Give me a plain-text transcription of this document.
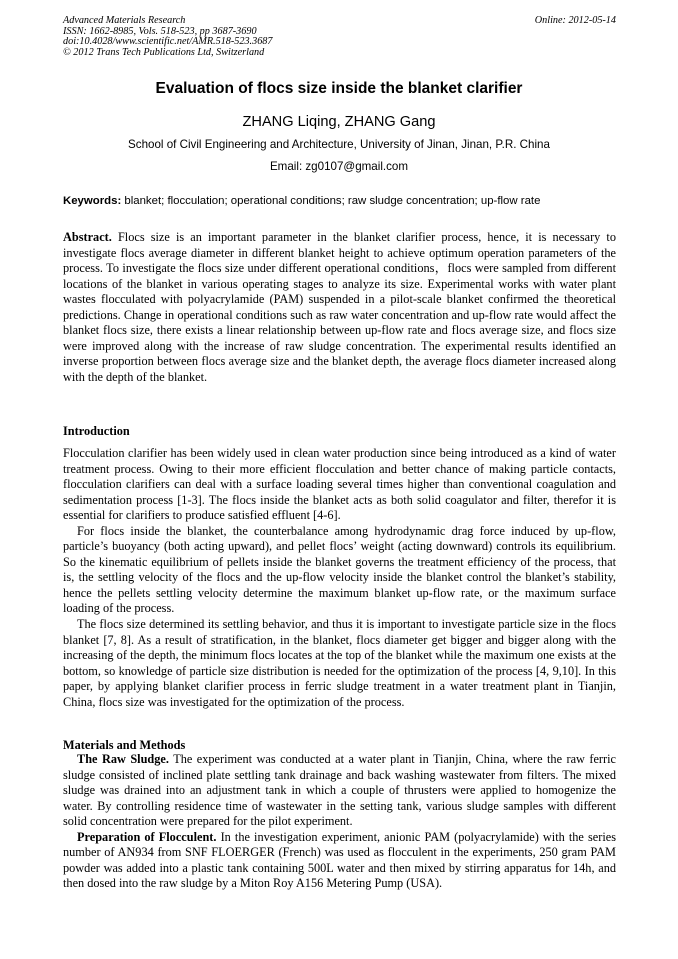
Advanced Materials Research
ISSN: 1662-8985, Vols. 518-523, pp 3687-3690
doi:10.4028/www.scientific.net/AMR.518-523.3687
© 2012 Trans Tech Publications Ltd, Switzerland
Online: 2012-05-14
Evaluation of flocs size inside the blanket clarifier
ZHANG Liqing, ZHANG Gang
School of Civil Engineering and Architecture, University of Jinan, Jinan, P.R. China
Email: zg0107@gmail.com
Keywords: blanket; flocculation; operational conditions; raw sludge concentration; up-flow rate

Abstract. Flocs size is an important parameter in the blanket clarifier process, hence, it is necessary to investigate flocs average diameter in different blanket height to achieve optimum operation parameters of the process. To investigate the flocs size under different operational conditions，flocs were sampled from different locations of the blanket in various operating stages to analyze its size. Experimental works with water plant wastes flocculated with polyacrylamide (PAM) suspended in a pilot-scale blanket confirmed the theoretical predictions. Change in operational conditions such as raw water concentration and up-flow rate would affect the blanket flocs size, there exists a linear relationship between up-flow rate and flocs average size, and flocs size were improved along with the increase of raw sludge concentration. The experimental results identified an inverse proportion between flocs average size and the blanket depth, the average flocs diameter increased along with the depth of the blanket.

Introduction

Flocculation clarifier has been widely used in clean water production since being introduced as a kind of water treatment process. Owing to their more efficient flocculation and better chance of making particle contacts, flocculation clarifiers can deal with a surface loading several times higher than conventional coagulation and sedimentation process [1-3]. The flocs inside the blanket acts as both solid coagulator and filter, therefor it is essential for clarifiers to produce satisfied effluent [4-6].

For flocs inside the blanket, the counterbalance among hydrodynamic drag force induced by up-flow, particle’s buoyancy (both acting upward), and pellet flocs’ weight (acting downward) controls its equilibrium. So the kinematic equilibrium of pellets inside the blanket governs the treatment efficiency of the process, that is, the settling velocity of the flocs and the up-flow velocity inside the blanket control the blanket’s stability, hence the pellets settling velocity determine the maximum blanket up-flow rate, or the maximum surface loading of the process.

The flocs size determined its settling behavior, and thus it is important to investigate particle size in the flocs blanket [7, 8]. As a result of stratification, in the blanket, flocs diameter get bigger and bigger along with the increasing of the depth, the minimum flocs locates at the top of the blanket while the maximum one exists at the bottom, so knowledge of particle size distribution is needed for the optimization of the process [4, 9,10]. In this paper, by applying blanket clarifier process in ferric sludge treatment in a water treatment plant in Tianjin, China, flocs size was investigated for the optimization of the process.

Materials and Methods

The Raw Sludge. The experiment was conducted at a water plant in Tianjin, China, where the raw ferric sludge consisted of inclined plate settling tank drainage and back washing wastewater from filters. The mixed sludge was drained into an adjustment tank in which a couple of thrusters were applied to homogenize the water. By controlling residence time of wastewater in the setting tank, various sludge samples with different solid concentration were prepared for the pilot experiment.

Preparation of Flocculent. In the investigation experiment, anionic PAM (polyacrylamide) with the series number of AN934 from SNF FLOERGER (French) was used as flocculent in the experiments, 250 gram PAM powder was added into a plastic tank containing 500L water and then mixed by stirring apparatus for 14h, and then dosed into the raw sludge by a Miton Roy A156 Metering Pump (USA).
